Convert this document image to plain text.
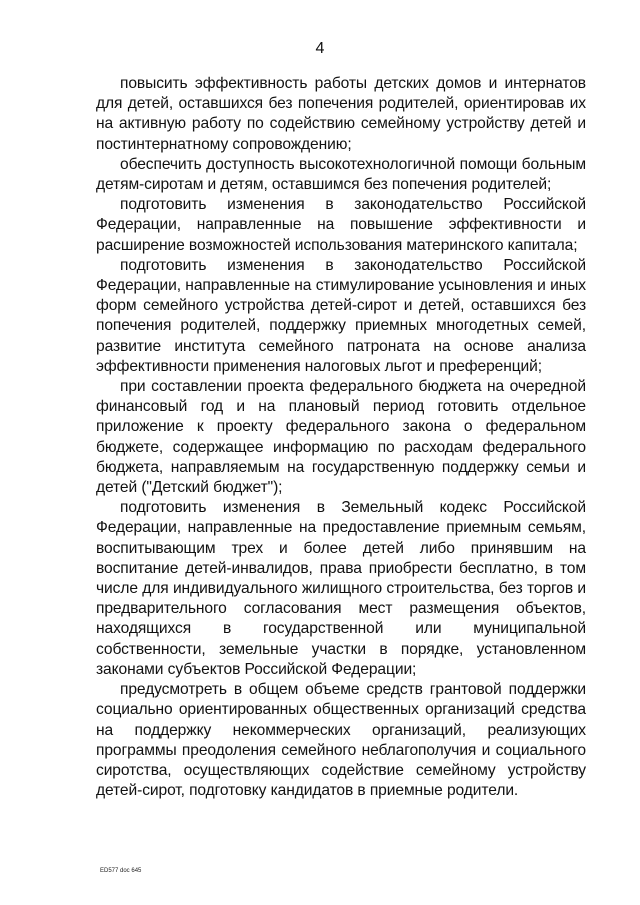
4

повысить эффективность работы детских домов и интернатов для детей, оставшихся без попечения родителей, ориентировав их на активную работу по содействию семейному устройству детей и постинтернатному сопровождению;

обеспечить доступность высокотехнологичной помощи больным детям-сиротам и детям, оставшимся без попечения родителей;

подготовить изменения в законодательство Российской Федерации, направленные на повышение эффективности и расширение возможностей использования материнского капитала;

подготовить изменения в законодательство Российской Федерации, направленные на стимулирование усыновления и иных форм семейного устройства детей-сирот и детей, оставшихся без попечения родителей, поддержку приемных многодетных семей, развитие института семейного патроната на основе анализа эффективности применения налоговых льгот и преференций;

при составлении проекта федерального бюджета на очередной финансовый год и на плановый период готовить отдельное приложение к проекту федерального закона о федеральном бюджете, содержащее информацию по расходам федерального бюджета, направляемым на государственную поддержку семьи и детей ("Детский бюджет");

подготовить изменения в Земельный кодекс Российской Федерации, направленные на предоставление приемным семьям, воспитывающим трех и более детей либо принявшим на воспитание детей-инвалидов, права приобрести бесплатно, в том числе для индивидуального жилищного строительства, без торгов и предварительного согласования мест размещения объектов, находящихся в государственной или муниципальной собственности, земельные участки в порядке, установленном законами субъектов Российской Федерации;

предусмотреть в общем объеме средств грантовой поддержки социально ориентированных общественных организаций средства на поддержку некоммерческих организаций, реализующих программы преодоления семейного неблагополучия и социального сиротства, осуществляющих содействие семейному устройству детей-сирот, подготовку кандидатов в приемные родители.

ED577 doc 645
